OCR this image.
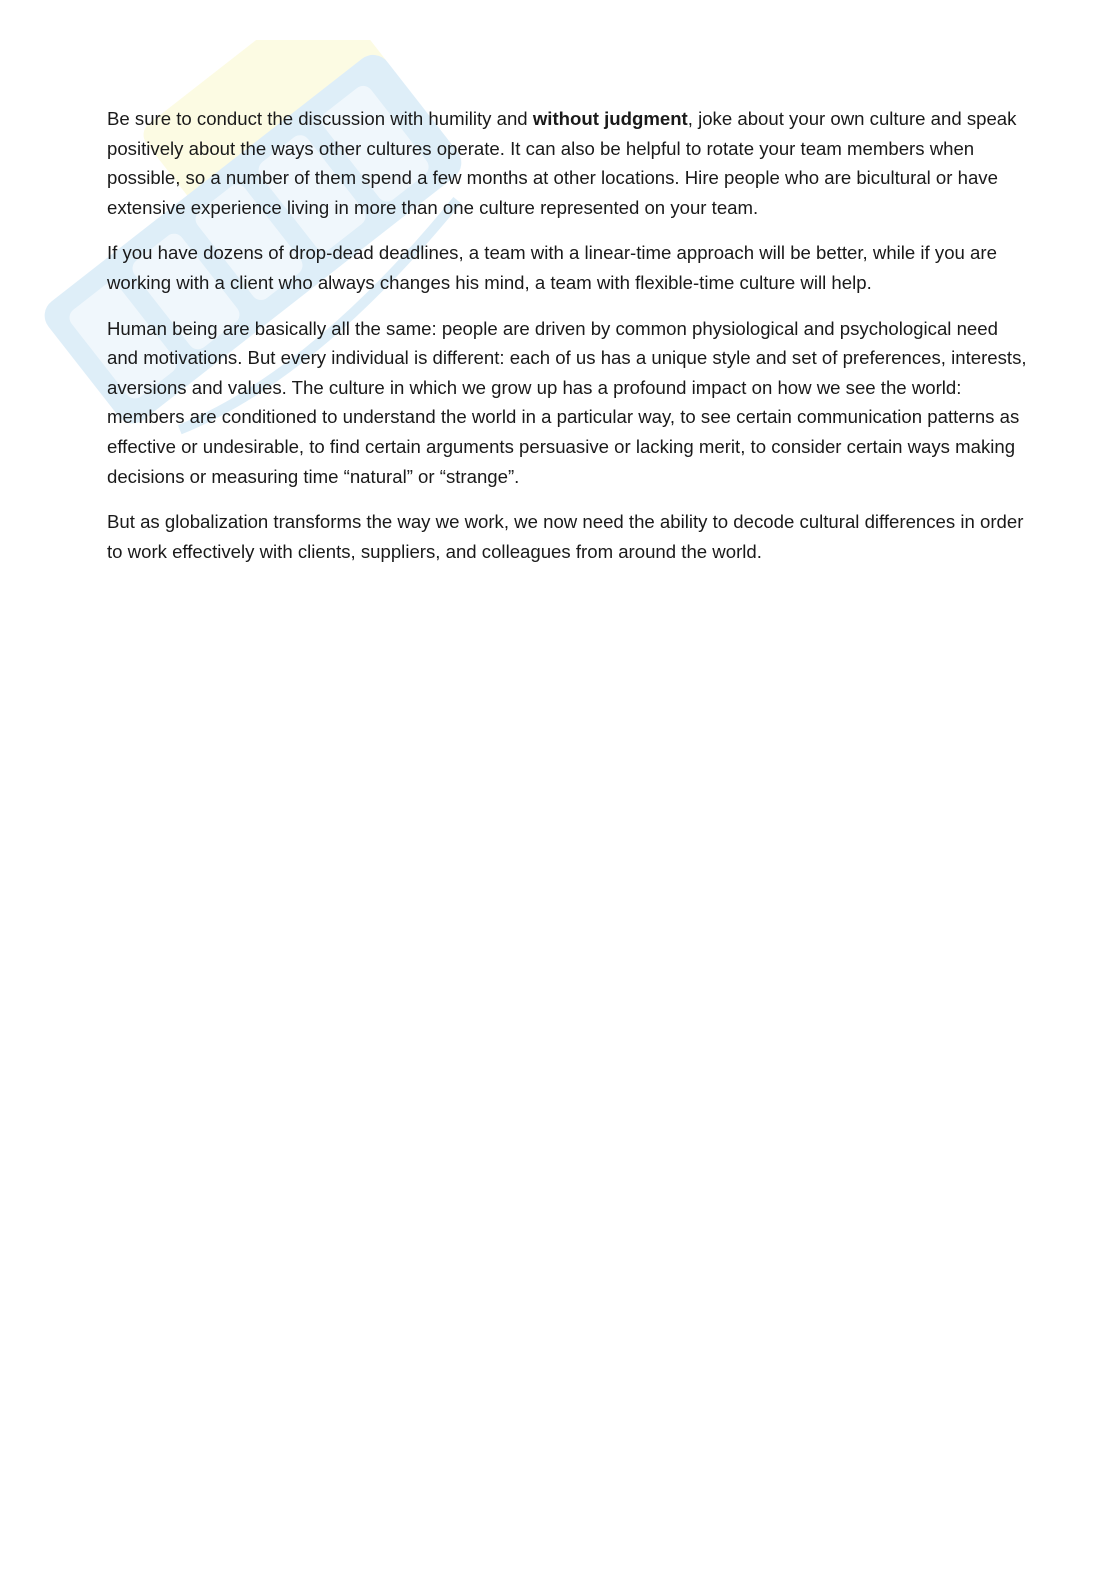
Be sure to conduct the discussion with humility and without judgment, joke about your own culture and speak positively about the ways other cultures operate. It can also be helpful to rotate your team members when possible, so a number of them spend a few months at other locations. Hire people who are bicultural or have extensive experience living in more than one culture represented on your team.

If you have dozens of drop-dead deadlines, a team with a linear-time approach will be better, while if you are working with a client who always changes his mind, a team with flexible-time culture will help.

Human being are basically all the same: people are driven by common physiological and psychological need and motivations. But every individual is different: each of us has a unique style and set of preferences, interests, aversions and values. The culture in which we grow up has a profound impact on how we see the world: members are conditioned to understand the world in a particular way, to see certain communication patterns as effective or undesirable, to find certain arguments persuasive or lacking merit, to consider certain ways making decisions or measuring time “natural” or “strange”.

But as globalization transforms the way we work, we now need the ability to decode cultural differences in order to work effectively with clients, suppliers, and colleagues from around the world.
